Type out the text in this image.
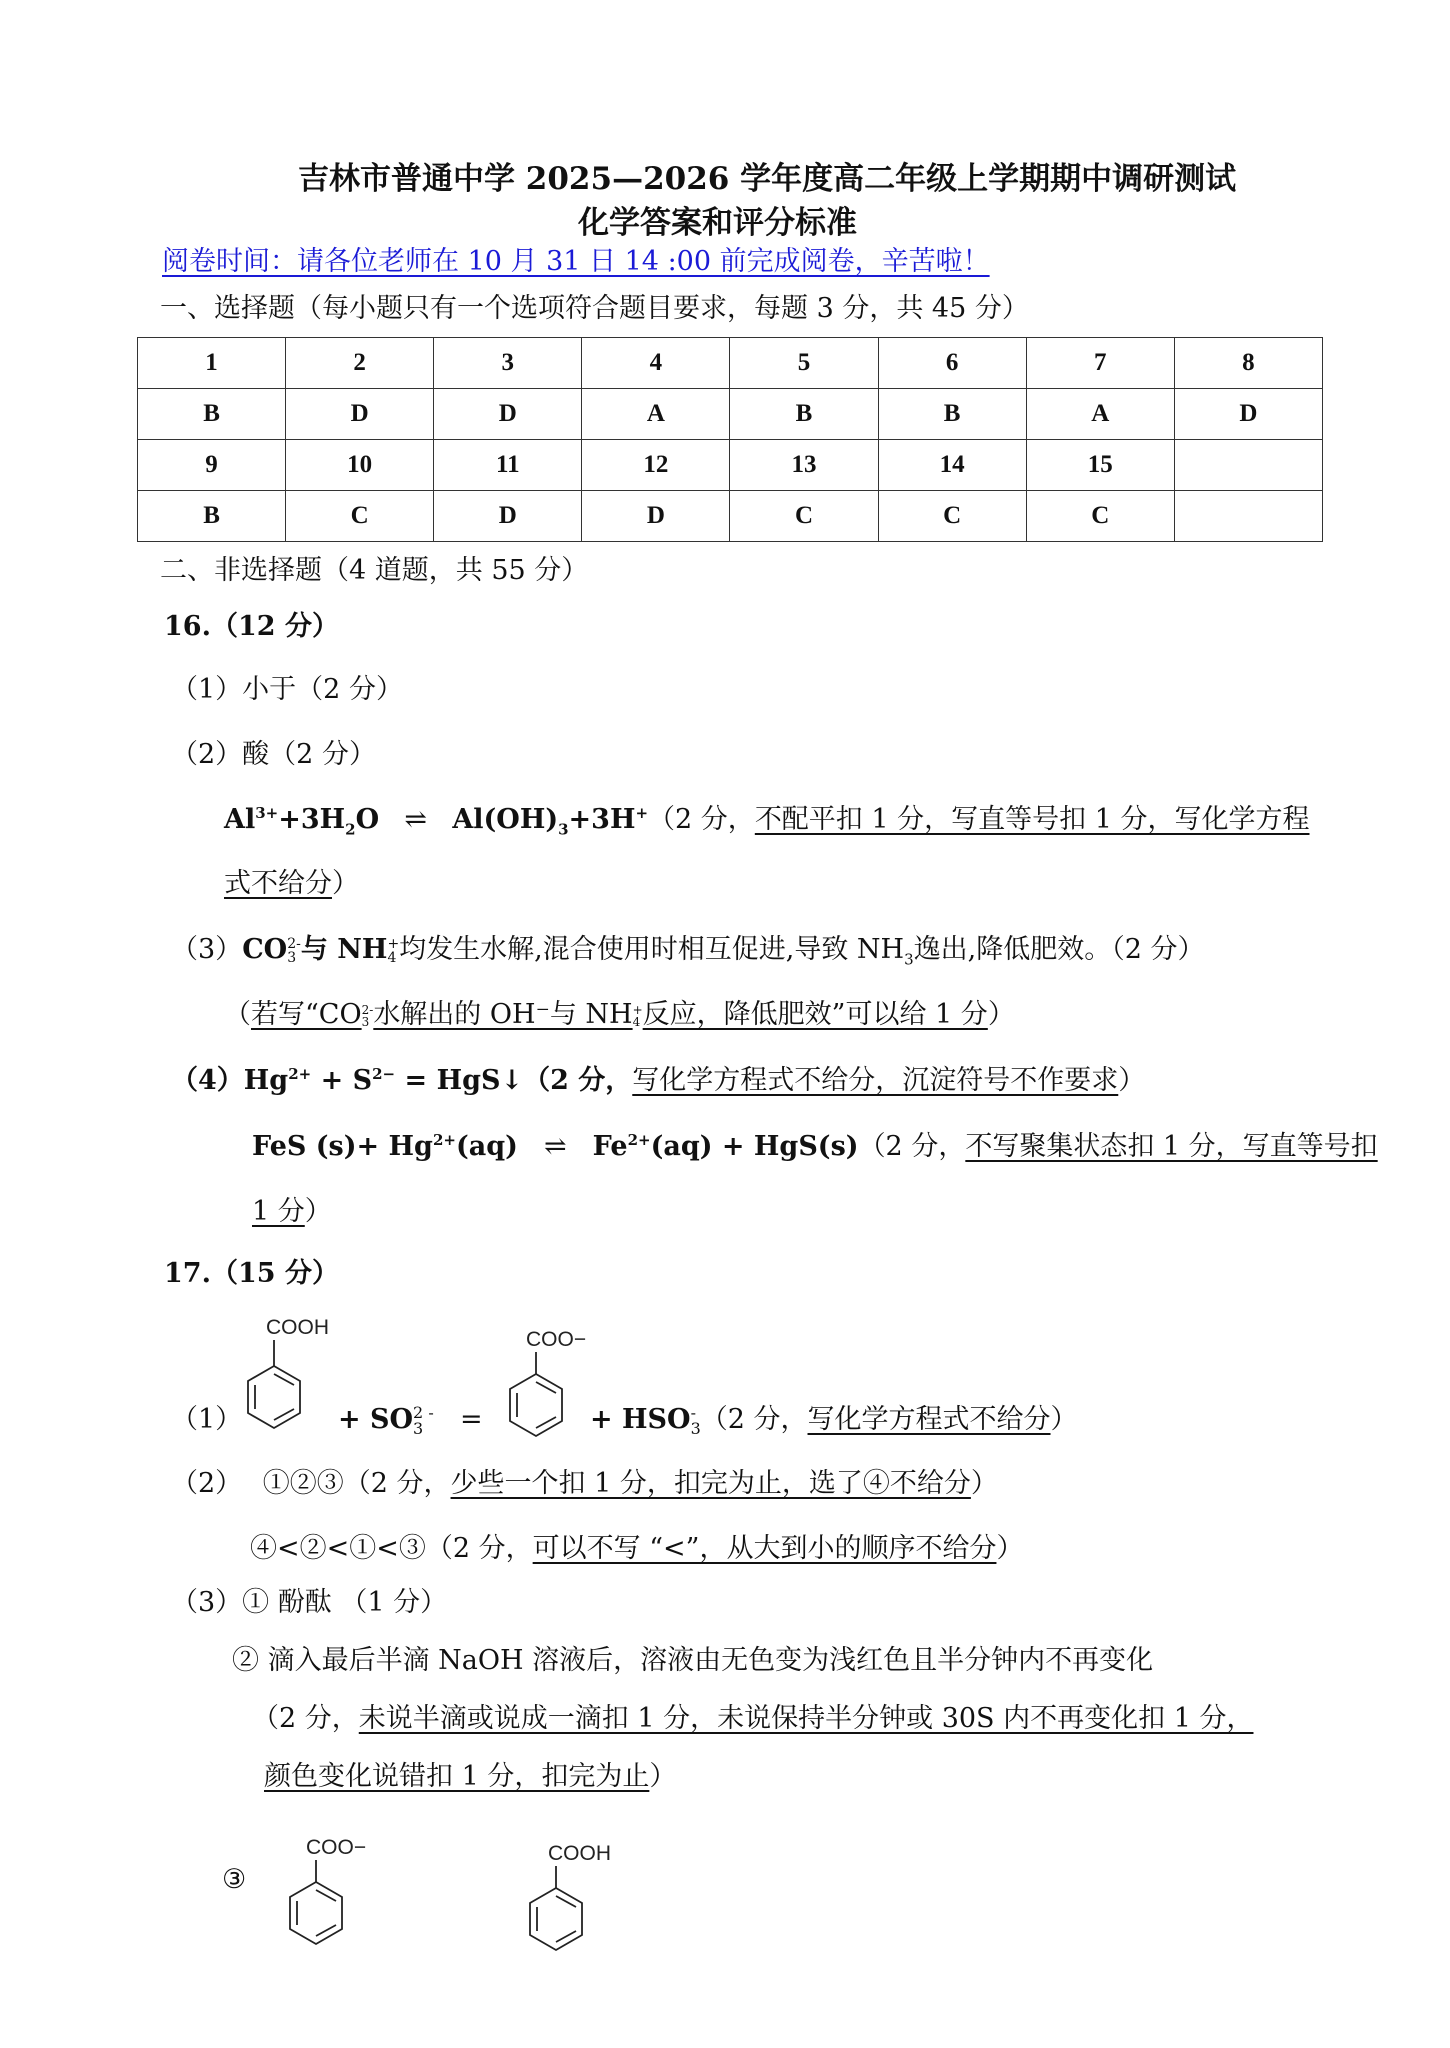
吉林市普通中学 2025—2026 学年度高二年级上学期期中调研测试
化学答案和评分标准
阅卷时间：请各位老师在 10 月 31 日 14 :00 前完成阅卷，辛苦啦！
一、选择题（每小题只有一个选项符合题目要求，每题 3 分，共 45 分）
1	2	3	4	5	6	7	8
B	D	D	A	B	B	A	D
9	10	11	12	13	14	15	
B	C	D	D	C	C	C	
二、非选择题（4 道题，共 55 分）
16.（12 分）
（1）小于（2 分）
（2）酸（2 分）
$Al^{3+}+3H_2O$ ⇌ $Al(OH)_3+3H^+(2$ 分，不配平扣 1 分，写直等号扣 1 分，写化学方程
式不给分）
（3）CO 2-
3 与 NH +
4 均发生水解,混合使用时相互促进,导致 $NH_3$逸出,降低肥效。（2 分）
（若写“CO 2-
3 水解出的 OH⁻与 NH +
4 反应，降低肥效”可以给 1 分）
$(4)Hg^{2+} + S^{2-}$ = HgS↓（2 分，写化学方程式不给分，沉淀符号不作要求）
FeS $(s)+ Hg^{2+}(aq)$ ⇌ $Fe^{2+}(aq) + HgS(s)(2$ 分，不写聚集状态扣 1 分，写直等号扣
1 分）
17.（15 分）
（1）
COOH
+ SO 2 -
3	=
COO−
+ HSO -
3 （2 分，写化学方程式不给分）
（2） ①②③（2 分，少些一个扣 1 分，扣完为止，选了④不给分）
④<②<①<③（2 分，可以不写 “<”，从大到小的顺序不给分）
（3）① 酚酞 （1 分）
② 滴入最后半滴 NaOH 溶液后，溶液由无色变为浅红色且半分钟内不再变化
（2 分，未说半滴或说成一滴扣 1 分，未说保持半分钟或 30S 内不再变化扣 1 分，
颜色变化说错扣 1 分，扣完为止）
③
COO−	COOH
